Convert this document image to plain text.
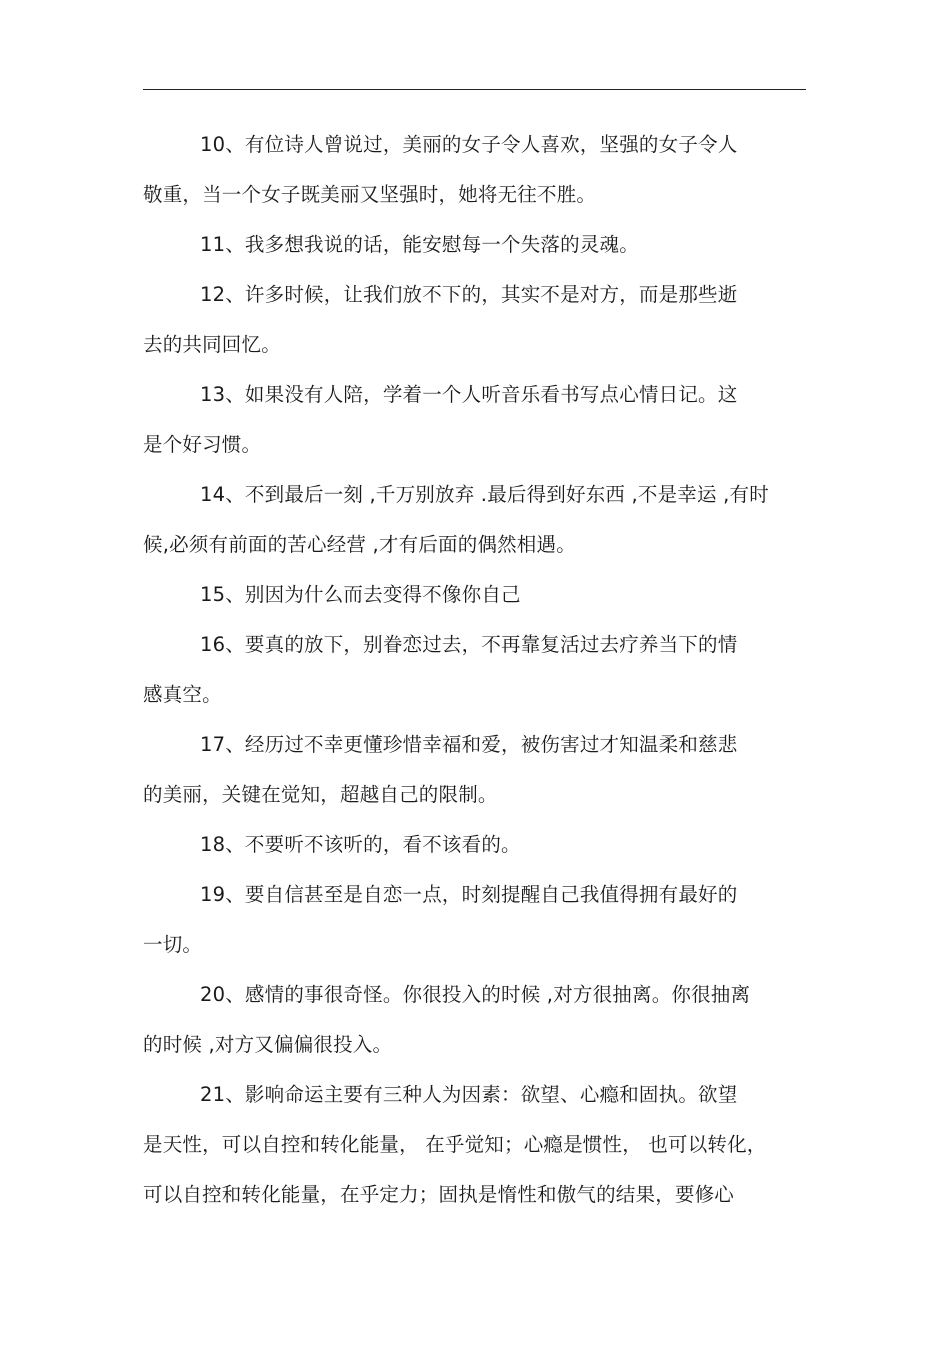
10、有位诗人曾说过，美丽的女子令人喜欢，坚强的女子令人
敬重，当一个女子既美丽又坚强时，她将无往不胜。
11、我多想我说的话，能安慰每一个失落的灵魂。
12、许多时候，让我们放不下的，其实不是对方，而是那些逝
去的共同回忆。
13、如果没有人陪，学着一个人听音乐看书写点心情日记。这
是个好习惯。
14、不到最后一刻 ,千万别放弃 .最后得到好东西 ,不是幸运 ,有时
候,必须有前面的苦心经营 ,才有后面的偶然相遇。
15、别因为什么而去变得不像你自己
16、要真的放下，别眷恋过去，不再靠复活过去疗养当下的情
感真空。
17、经历过不幸更懂珍惜幸福和爱，被伤害过才知温柔和慈悲
的美丽，关键在觉知，超越自己的限制。
18、不要听不该听的，看不该看的。
19、要自信甚至是自恋一点，时刻提醒自己我值得拥有最好的
一切。
20、感情的事很奇怪。你很投入的时候 ,对方很抽离。你很抽离
的时候 ,对方又偏偏很投入。
21、影响命运主要有三种人为因素：欲望、心瘾和固执。欲望
是天性，可以自控和转化能量， 在乎觉知；心瘾是惯性， 也可以转化，
可以自控和转化能量，在乎定力；固执是惰性和傲气的结果，要修心
